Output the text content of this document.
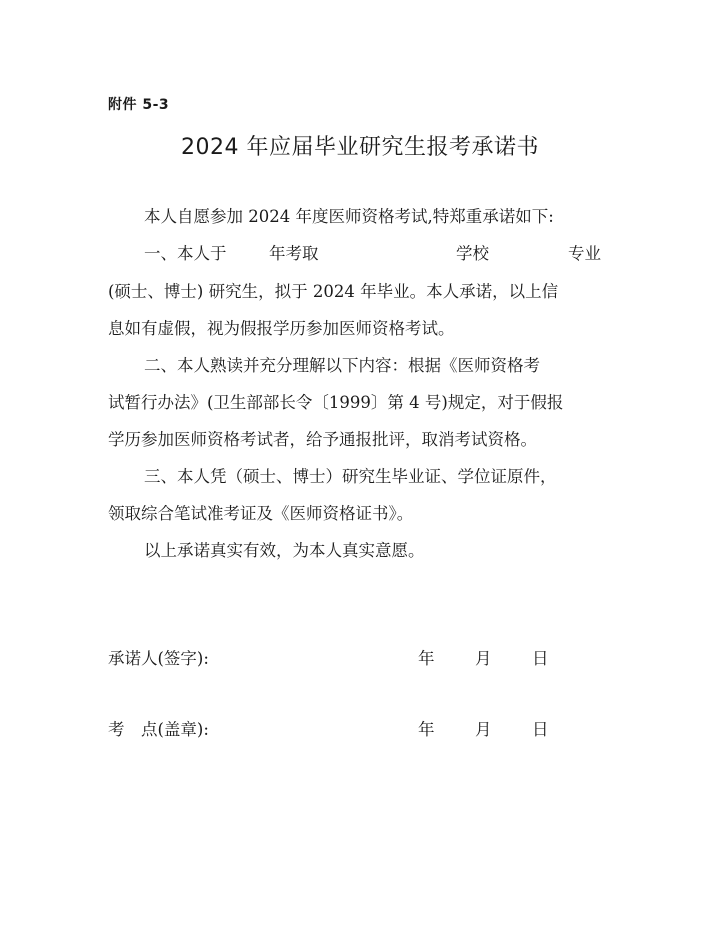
附件 5-3
2024 年应届毕业研究生报考承诺书
本人自愿参加 2024 年度医师资格考试,特郑重承诺如下:
一、本人于	年考取	学校	专业
(硕士、博士) 研究生，拟于 2024 年毕业。本人承诺，以上信
息如有虚假，视为假报学历参加医师资格考试。
二、本人熟读并充分理解以下内容：根据《医师资格考
试暂行办法》(卫生部部长令〔1999〕第 4 号)规定，对于假报
学历参加医师资格考试者，给予通报批评，取消考试资格。
三、本人凭（硕士、博士）研究生毕业证、学位证原件，
领取综合笔试准考证及《医师资格证书》。
以上承诺真实有效，为本人真实意愿。
承诺人(签字):	年 月 日
考　点(盖章):	年 月 日
